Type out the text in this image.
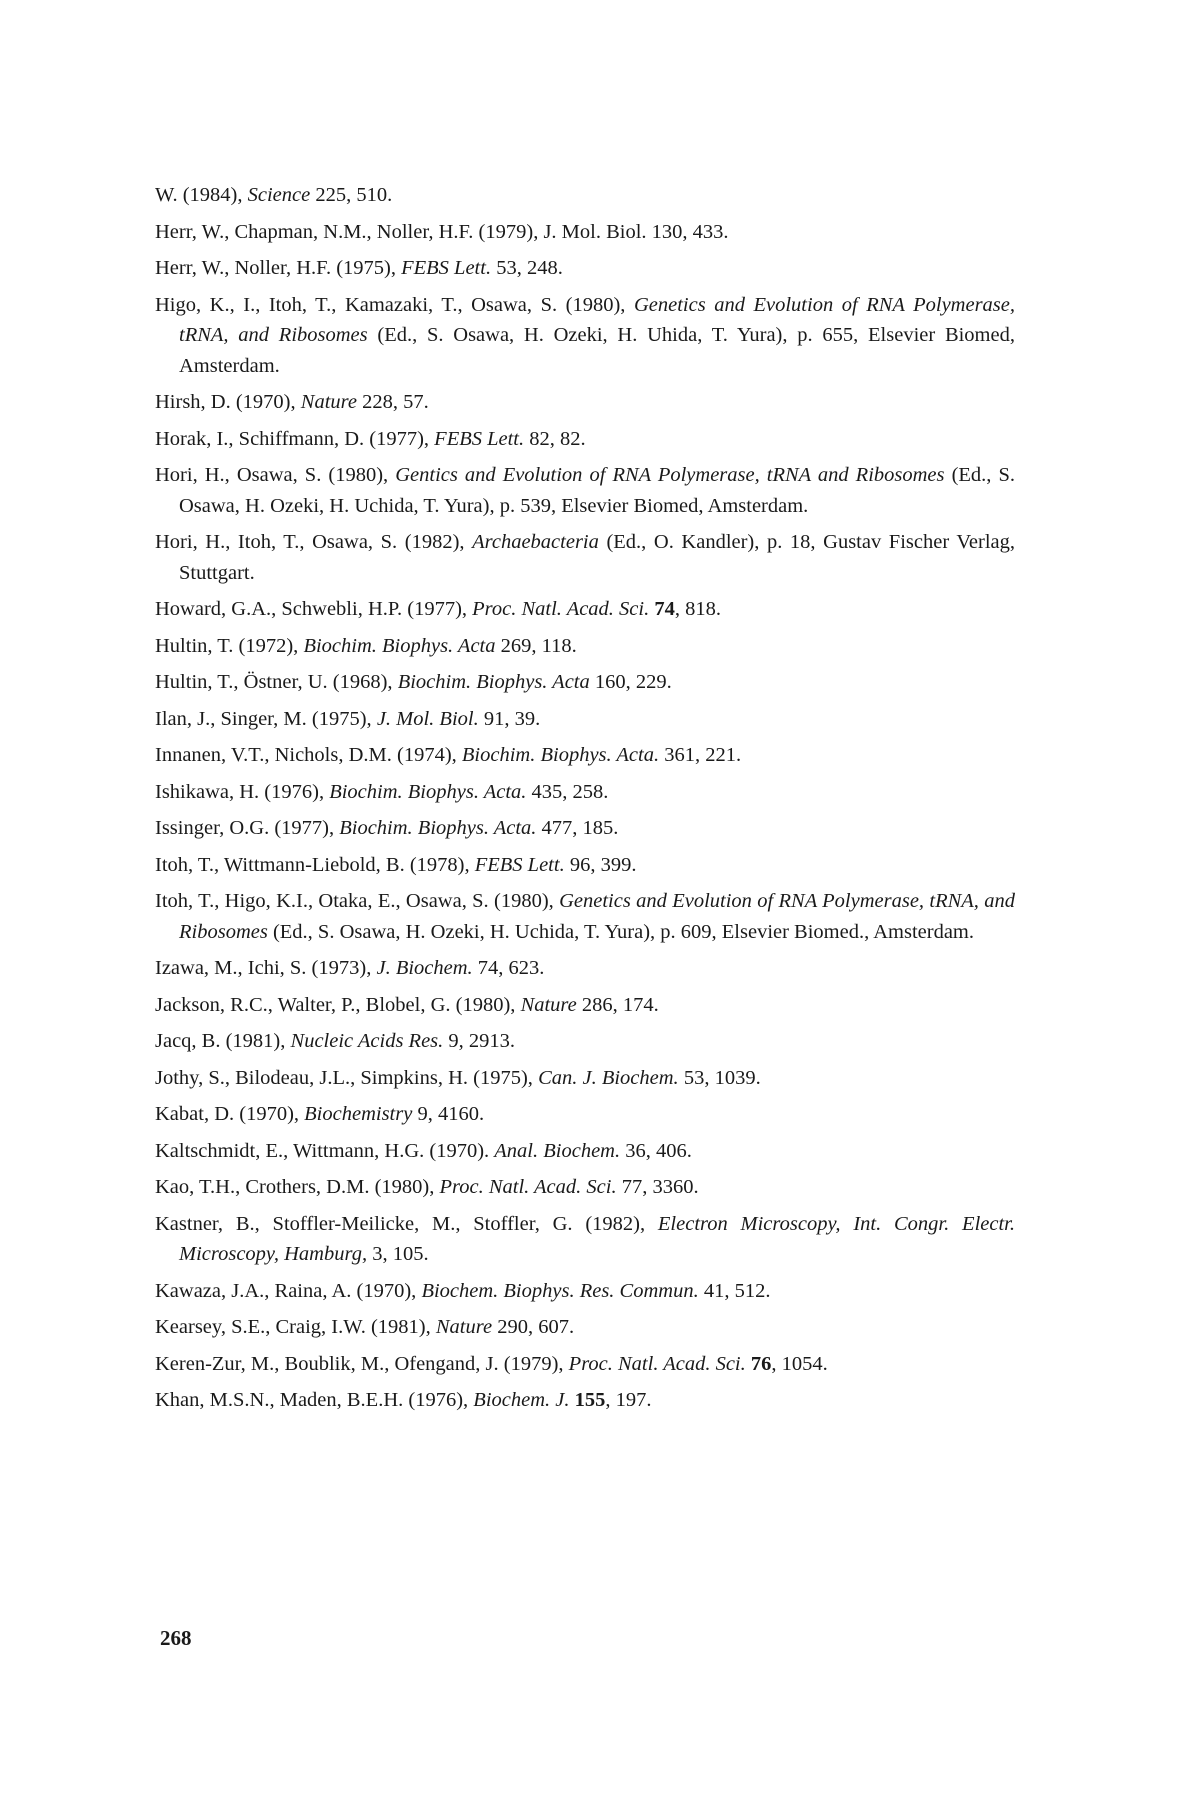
W. (1984), Science 225, 510.
Herr, W., Chapman, N.M., Noller, H.F. (1979), J. Mol. Biol. 130, 433.
Herr, W., Noller, H.F. (1975), FEBS Lett. 53, 248.
Higo, K., I., Itoh, T., Kamazaki, T., Osawa, S. (1980), Genetics and Evolution of RNA Polymerase, tRNA, and Ribosomes (Ed., S. Osawa, H. Ozeki, H. Uhida, T. Yura), p. 655, Elsevier Biomed, Amsterdam.
Hirsh, D. (1970), Nature 228, 57.
Horak, I., Schiffmann, D. (1977), FEBS Lett. 82, 82.
Hori, H., Osawa, S. (1980), Gentics and Evolution of RNA Polymerase, tRNA and Ribosomes (Ed., S. Osawa, H. Ozeki, H. Uchida, T. Yura), p. 539, Elsevier Biomed, Amsterdam.
Hori, H., Itoh, T., Osawa, S. (1982), Archaebacteria (Ed., O. Kandler), p. 18, Gustav Fischer Verlag, Stuttgart.
Howard, G.A., Schwebli, H.P. (1977), Proc. Natl. Acad. Sci. 74, 818.
Hultin, T. (1972), Biochim. Biophys. Acta 269, 118.
Hultin, T., Östner, U. (1968), Biochim. Biophys. Acta 160, 229.
Ilan, J., Singer, M. (1975), J. Mol. Biol. 91, 39.
Innanen, V.T., Nichols, D.M. (1974), Biochim. Biophys. Acta. 361, 221.
Ishikawa, H. (1976), Biochim. Biophys. Acta. 435, 258.
Issinger, O.G. (1977), Biochim. Biophys. Acta. 477, 185.
Itoh, T., Wittmann-Liebold, B. (1978), FEBS Lett. 96, 399.
Itoh, T., Higo, K.I., Otaka, E., Osawa, S. (1980), Genetics and Evolution of RNA Polymerase, tRNA, and Ribosomes (Ed., S. Osawa, H. Ozeki, H. Uchida, T. Yura), p. 609, Elsevier Biomed., Amsterdam.
Izawa, M., Ichi, S. (1973), J. Biochem. 74, 623.
Jackson, R.C., Walter, P., Blobel, G. (1980), Nature 286, 174.
Jacq, B. (1981), Nucleic Acids Res. 9, 2913.
Jothy, S., Bilodeau, J.L., Simpkins, H. (1975), Can. J. Biochem. 53, 1039.
Kabat, D. (1970), Biochemistry 9, 4160.
Kaltschmidt, E., Wittmann, H.G. (1970). Anal. Biochem. 36, 406.
Kao, T.H., Crothers, D.M. (1980), Proc. Natl. Acad. Sci. 77, 3360.
Kastner, B., Stoffler-Meilicke, M., Stoffler, G. (1982), Electron Microscopy, Int. Congr. Electr. Microscopy, Hamburg, 3, 105.
Kawaza, J.A., Raina, A. (1970), Biochem. Biophys. Res. Commun. 41, 512.
Kearsey, S.E., Craig, I.W. (1981), Nature 290, 607.
Keren-Zur, M., Boublik, M., Ofengand, J. (1979), Proc. Natl. Acad. Sci. 76, 1054.
Khan, M.S.N., Maden, B.E.H. (1976), Biochem. J. 155, 197.
268
